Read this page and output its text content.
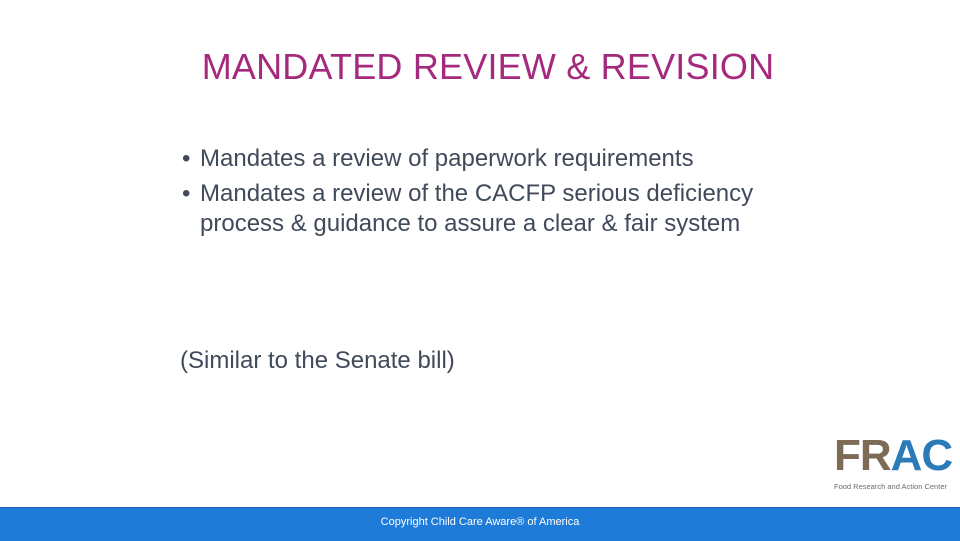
MANDATED REVIEW & REVISION
• Mandates a review of paperwork requirements
• Mandates a review of the CACFP serious deficiency process & guidance to assure a clear & fair system
(Similar to the Senate bill)
FRAC
Food Research and Action Center
Copyright Child Care Aware® of America
